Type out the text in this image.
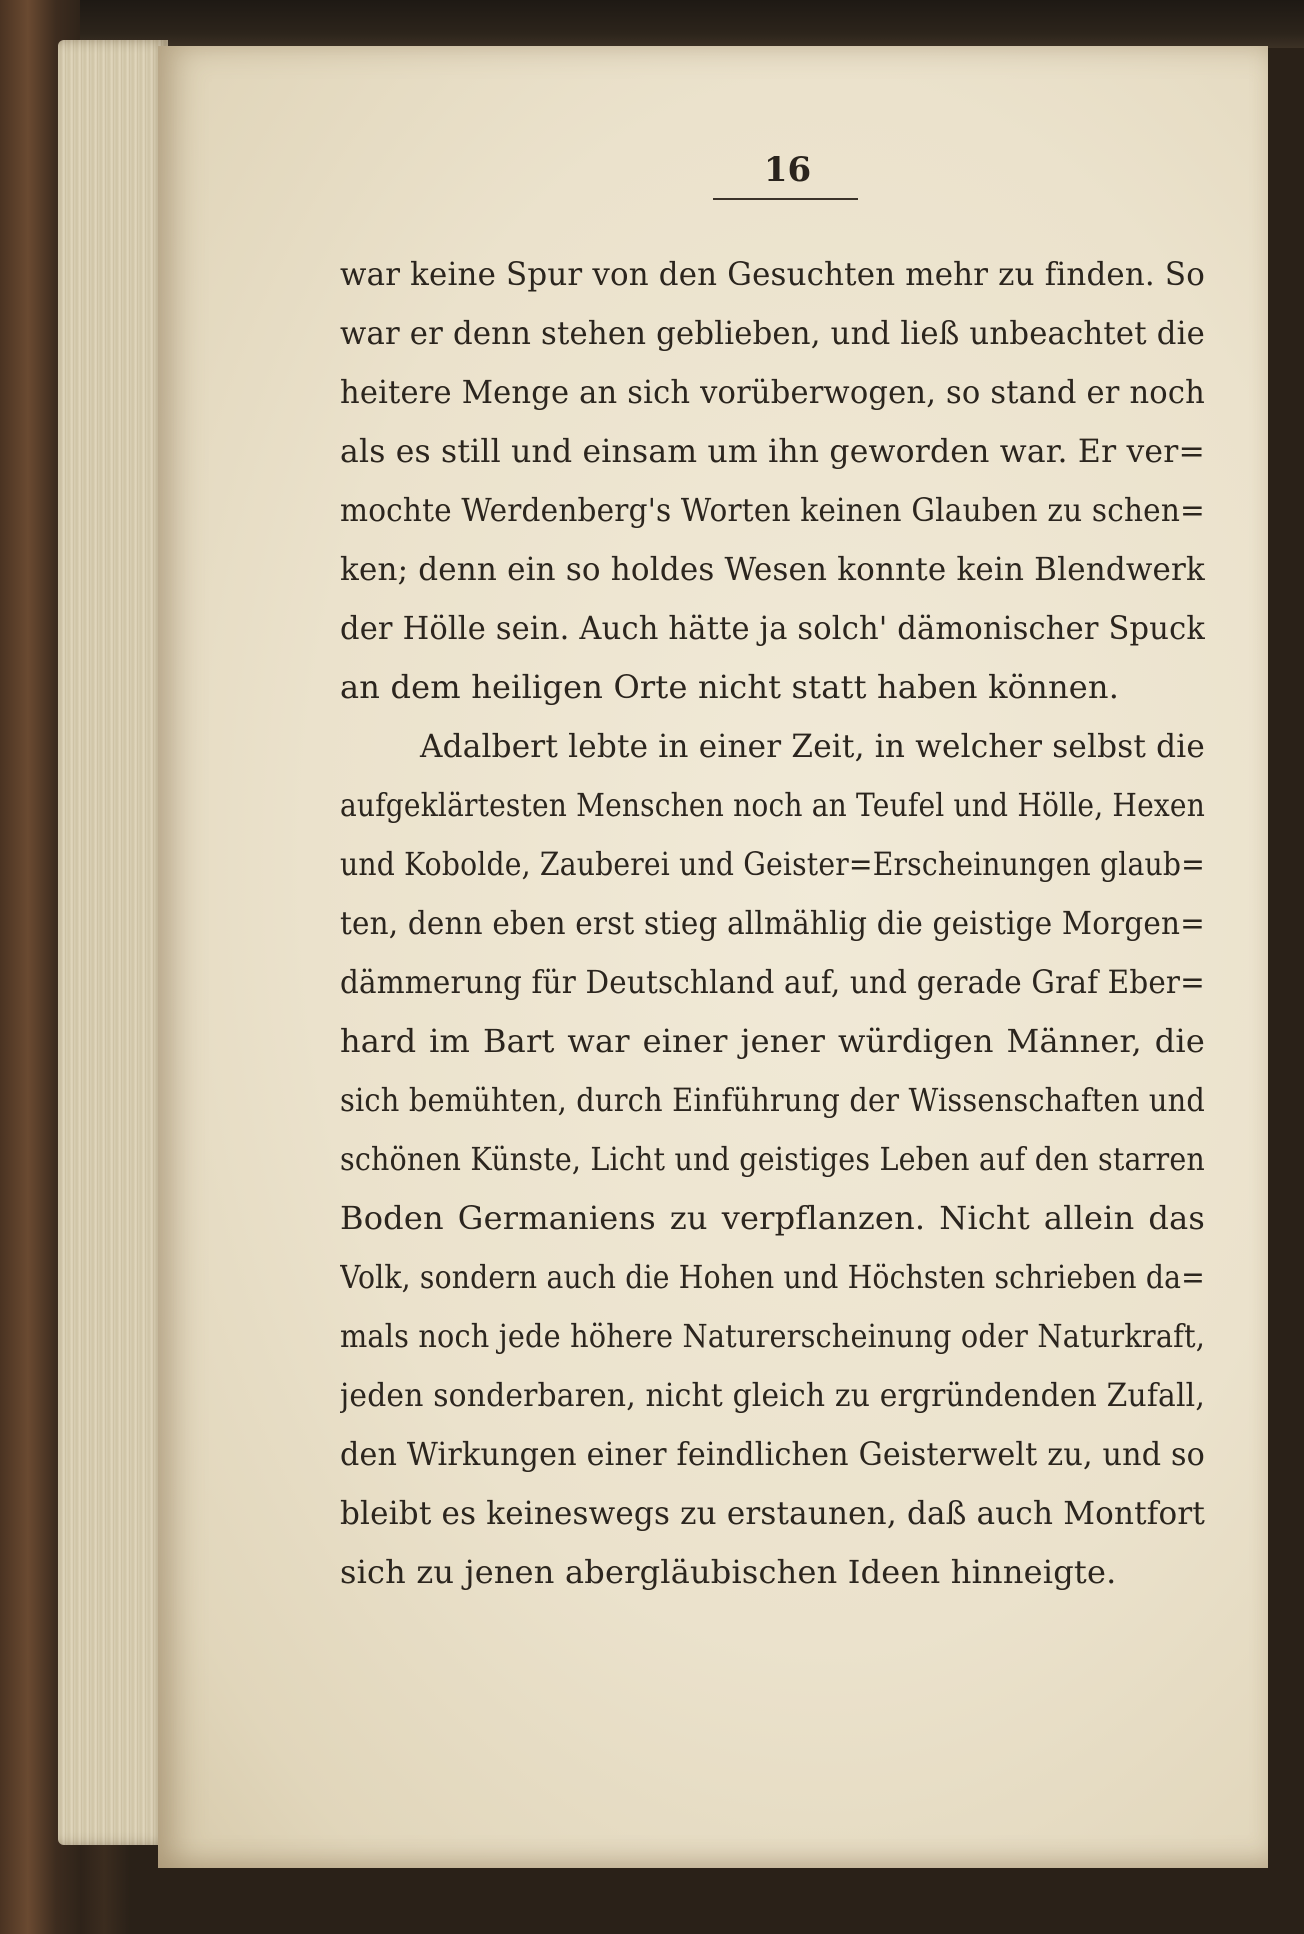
16
war keine Spur von den Gesuchten mehr zu finden. So
war er denn stehen geblieben, und ließ unbeachtet die
heitere Menge an sich vorüberwogen, so stand er noch
als es still und einsam um ihn geworden war. Er ver=
mochte Werdenberg's Worten keinen Glauben zu schen=
ken; denn ein so holdes Wesen konnte kein Blendwerk
der Hölle sein. Auch hätte ja solch' dämonischer Spuck
an dem heiligen Orte nicht statt haben können.
Adalbert lebte in einer Zeit, in welcher selbst die
aufgeklärtesten Menschen noch an Teufel und Hölle, Hexen
und Kobolde, Zauberei und Geister=Erscheinungen glaub=
ten, denn eben erst stieg allmählig die geistige Morgen=
dämmerung für Deutschland auf, und gerade Graf Eber=
hard im Bart war einer jener würdigen Männer, die
sich bemühten, durch Einführung der Wissenschaften und
schönen Künste, Licht und geistiges Leben auf den starren
Boden Germaniens zu verpflanzen. Nicht allein das
Volk, sondern auch die Hohen und Höchsten schrieben da=
mals noch jede höhere Naturerscheinung oder Naturkraft,
jeden sonderbaren, nicht gleich zu ergründenden Zufall,
den Wirkungen einer feindlichen Geisterwelt zu, und so
bleibt es keineswegs zu erstaunen, daß auch Montfort
sich zu jenen abergläubischen Ideen hinneigte.
